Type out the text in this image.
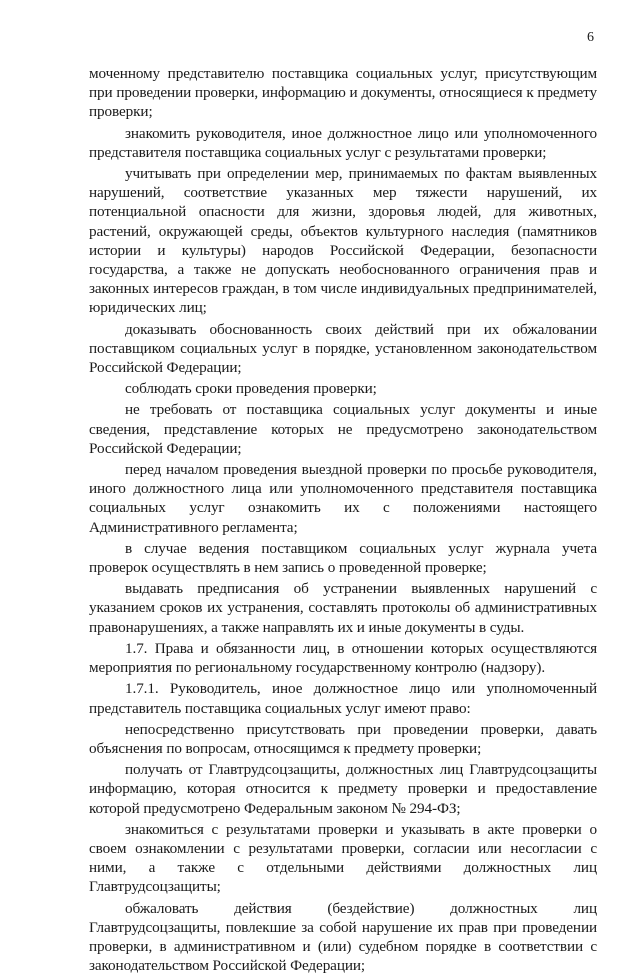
6

моченному представителю поставщика социальных услуг, присутствующим при проведении проверки, информацию и документы, относящиеся к предмету проверки;

знакомить руководителя, иное должностное лицо или уполномоченного представителя поставщика социальных услуг с результатами проверки;

учитывать при определении мер, принимаемых по фактам выявленных нарушений, соответствие указанных мер тяжести нарушений, их потенциальной опасности для жизни, здоровья людей, для животных, растений, окружающей среды, объектов культурного наследия (памятников истории и культуры) народов Российской Федерации, безопасности государства, а также не допускать необоснованного ограничения прав и законных интересов граждан, в том числе индивидуальных предпринимателей, юридических лиц;

доказывать обоснованность своих действий при их обжаловании поставщиком социальных услуг в порядке, установленном законодательством Российской Федерации;

соблюдать сроки проведения проверки;

не требовать от поставщика социальных услуг документы и иные сведения, представление которых не предусмотрено законодательством Российской Федерации;

перед началом проведения выездной проверки по просьбе руководителя, иного должностного лица или уполномоченного представителя поставщика социальных услуг ознакомить их с положениями настоящего Административного регламента;

в случае ведения поставщиком социальных услуг журнала учета проверок осуществлять в нем запись о проведенной проверке;

выдавать предписания об устранении выявленных нарушений с указанием сроков их устранения, составлять протоколы об административных правонарушениях, а также направлять их и иные документы в суды.

1.7. Права и обязанности лиц, в отношении которых осуществляются мероприятия по региональному государственному контролю (надзору).

1.7.1. Руководитель, иное должностное лицо или уполномоченный представитель поставщика социальных услуг имеют право:

непосредственно присутствовать при проведении проверки, давать объяснения по вопросам, относящимся к предмету проверки;

получать от Главтрудсоцзащиты, должностных лиц Главтрудсоцзащиты информацию, которая относится к предмету проверки и предоставление которой предусмотрено Федеральным законом № 294-ФЗ;

знакомиться с результатами проверки и указывать в акте проверки о своем ознакомлении с результатами проверки, согласии или несогласии с ними, а также с отдельными действиями должностных лиц Главтрудсоцзащиты;

обжаловать действия (бездействие) должностных лиц Главтрудсоцзащиты, повлекшие за собой нарушение их прав при проведении проверки, в административном и (или) судебном порядке в соответствии с законодательством Российской Федерации;
